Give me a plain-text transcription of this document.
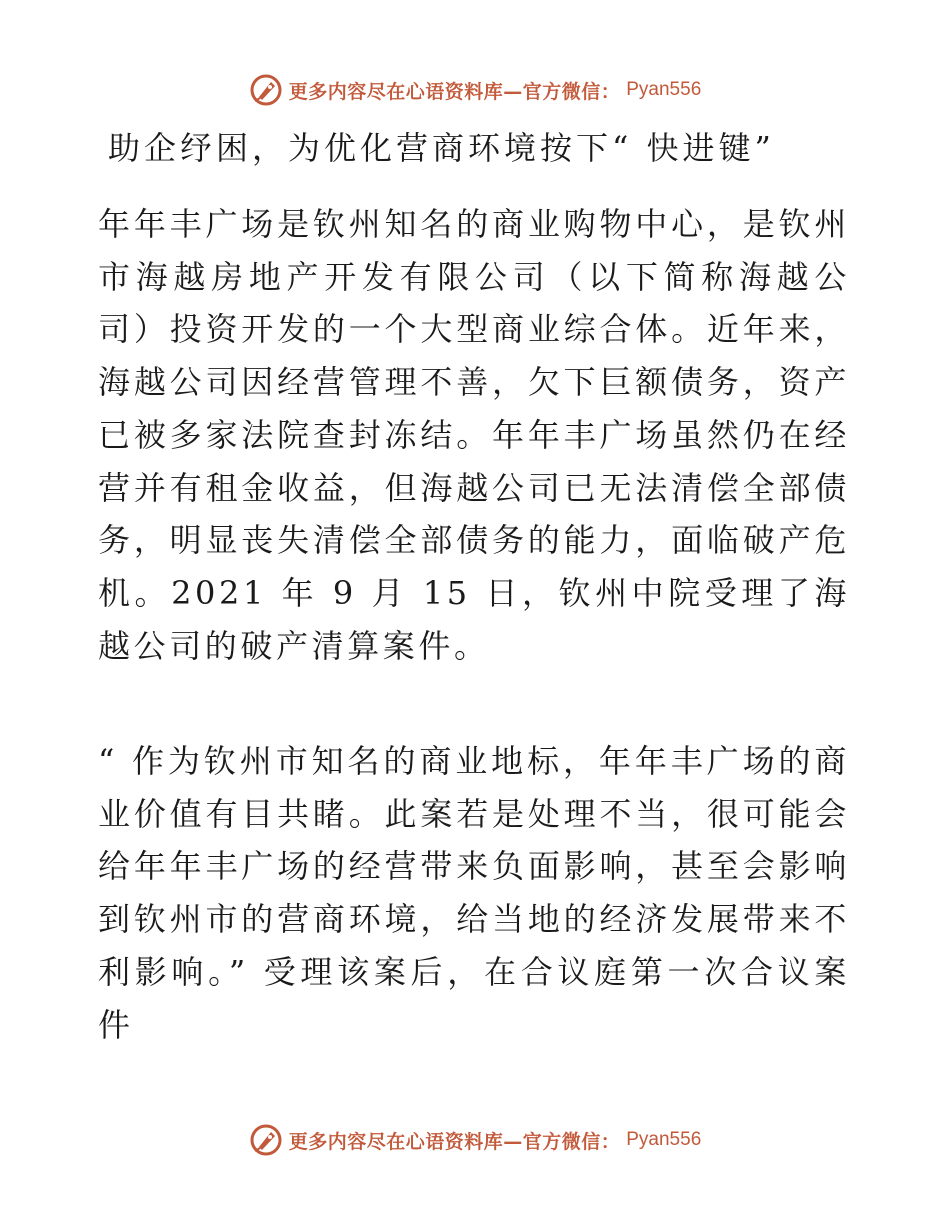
更多内容尽在心语资料库—官方微信： Pyan556
助企纾困，为优化营商环境按下“ 快进键”
年年丰广场是钦州知名的商业购物中心，是钦州市海越房地产开发有限公司（以下简称海越公司）投资开发的一个大型商业综合体。近年来，海越公司因经营管理不善，欠下巨额债务，资产已被多家法院查封冻结。年年丰广场虽然仍在经营并有租金收益，但海越公司已无法清偿全部债务，明显丧失清偿全部债务的能力，面临破产危机。2021 年 9 月 15 日，钦州中院受理了海越公司的破产清算案件。
“ 作为钦州市知名的商业地标，年年丰广场的商业价值有目共睹。此案若是处理不当，很可能会给年年丰广场的经营带来负面影响，甚至会影响到钦州市的营商环境，给当地的经济发展带来不利影响。” 受理该案后，在合议庭第一次合议案件
更多内容尽在心语资料库—官方微信： Pyan556
